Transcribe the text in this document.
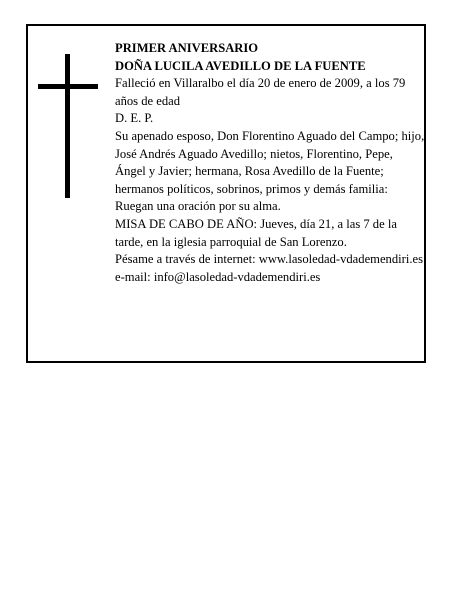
PRIMER ANIVERSARIO

DOÑA LUCILA AVEDILLO DE LA FUENTE

Falleció en Villaralbo el día 20 de enero de 2009, a los 79 años de edad

D. E. P.

Su apenado esposo, Don Florentino Aguado del Campo; hijo, José Andrés Aguado Avedillo; nietos, Florentino, Pepe, Ángel y Javier; hermana, Rosa Avedillo de la Fuente; hermanos políticos, sobrinos, primos y demás familia:

Ruegan una oración por su alma.

MISA DE CABO DE AÑO: Jueves, día 21, a las 7 de la tarde, en la iglesia parroquial de San Lorenzo.

Pésame a través de internet: www.lasoledad-vdademendiri.es e-mail: info@lasoledad-vdademendiri.es
